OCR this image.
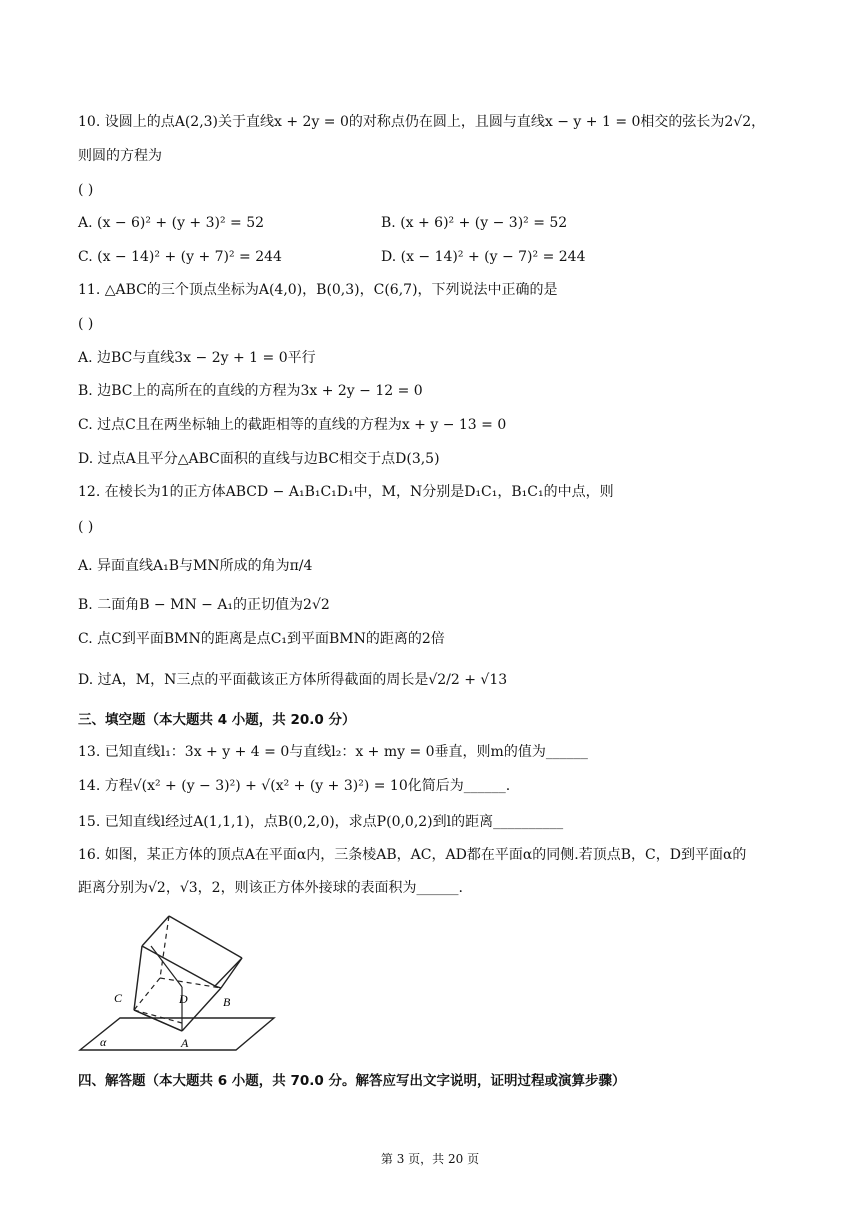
10. 设圆上的点A(2,3)关于直线x + 2y = 0的对称点仍在圆上，且圆与直线x − y + 1 = 0相交的弦长为2√2，
则圆的方程为
( )
A. (x − 6)² + (y + 3)² = 52	B. (x + 6)² + (y − 3)² = 52
C. (x − 14)² + (y + 7)² = 244	D. (x − 14)² + (y − 7)² = 244
11. △ABC的三个顶点坐标为A(4,0)，B(0,3)，C(6,7)，下列说法中正确的是
( )
A. 边BC与直线3x − 2y + 1 = 0平行
B. 边BC上的高所在的直线的方程为3x + 2y − 12 = 0
C. 过点C且在两坐标轴上的截距相等的直线的方程为x + y − 13 = 0
D. 过点A且平分△ABC面积的直线与边BC相交于点D(3,5)
12. 在棱长为1的正方体ABCD − A₁B₁C₁D₁中，M，N分别是D₁C₁，B₁C₁的中点，则
( )
A. 异面直线A₁B与MN所成的角为π/4
B. 二面角B − MN − A₁的正切值为2√2
C. 点C到平面BMN的距离是点C₁到平面BMN的距离的2倍
D. 过A，M，N三点的平面截该正方体所得截面的周长是√2/2 + √13
三、填空题（本大题共 4 小题，共 20.0 分）
13. 已知直线l₁：3x + y + 4 = 0与直线l₂：x + my = 0垂直，则m的值为______
14. 方程√(x² + (y − 3)²) + √(x² + (y + 3)²) = 10化简后为______.
15. 已知直线l经过A(1,1,1)，点B(0,2,0)，求点P(0,0,2)到l的距离__________
16. 如图，某正方体的顶点A在平面α内，三条棱AB，AC，AD都在平面α的同侧.若顶点B，C，D到平面α的
距离分别为√2，√3，2，则该正方体外接球的表面积为______.
C	D	B
A
α
四、解答题（本大题共 6 小题，共 70.0 分。解答应写出文字说明，证明过程或演算步骤）
第 3 页，共 20 页
